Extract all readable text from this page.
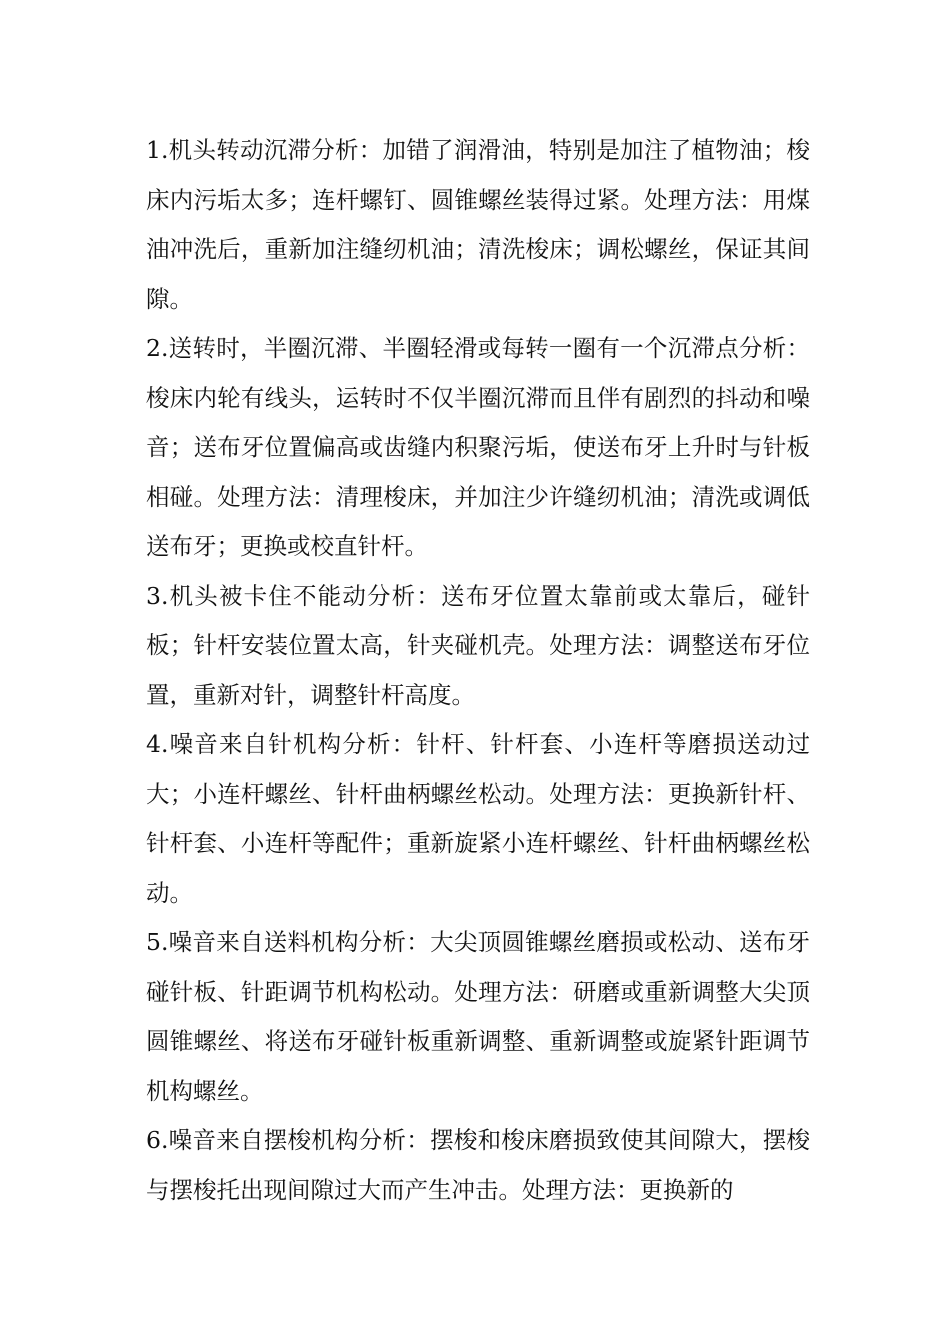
1.机头转动沉滞分析：加错了润滑油，特别是加注了植物油；梭床内污垢太多；连杆螺钉、圆锥螺丝装得过紧。处理方法：用煤油冲洗后，重新加注缝纫机油；清洗梭床；调松螺丝，保证其间隙。

2.送转时，半圈沉滞、半圈轻滑或每转一圈有一个沉滞点分析：梭床内轮有线头，运转时不仅半圈沉滞而且伴有剧烈的抖动和噪音；送布牙位置偏高或齿缝内积聚污垢，使送布牙上升时与针板相碰。处理方法：清理梭床，并加注少许缝纫机油；清洗或调低送布牙；更换或校直针杆。

3.机头被卡住不能动分析：送布牙位置太靠前或太靠后，碰针板；针杆安装位置太高，针夹碰机壳。处理方法：调整送布牙位置，重新对针，调整针杆高度。

4.噪音来自针机构分析：针杆、针杆套、小连杆等磨损送动过大；小连杆螺丝、针杆曲柄螺丝松动。处理方法：更换新针杆、针杆套、小连杆等配件；重新旋紧小连杆螺丝、针杆曲柄螺丝松动。

5.噪音来自送料机构分析：大尖顶圆锥螺丝磨损或松动、送布牙碰针板、针距调节机构松动。处理方法：研磨或重新调整大尖顶圆锥螺丝、将送布牙碰针板重新调整、重新调整或旋紧针距调节机构螺丝。

6.噪音来自摆梭机构分析：摆梭和梭床磨损致使其间隙大，摆梭与摆梭托出现间隙过大而产生冲击。处理方法：更换新的
